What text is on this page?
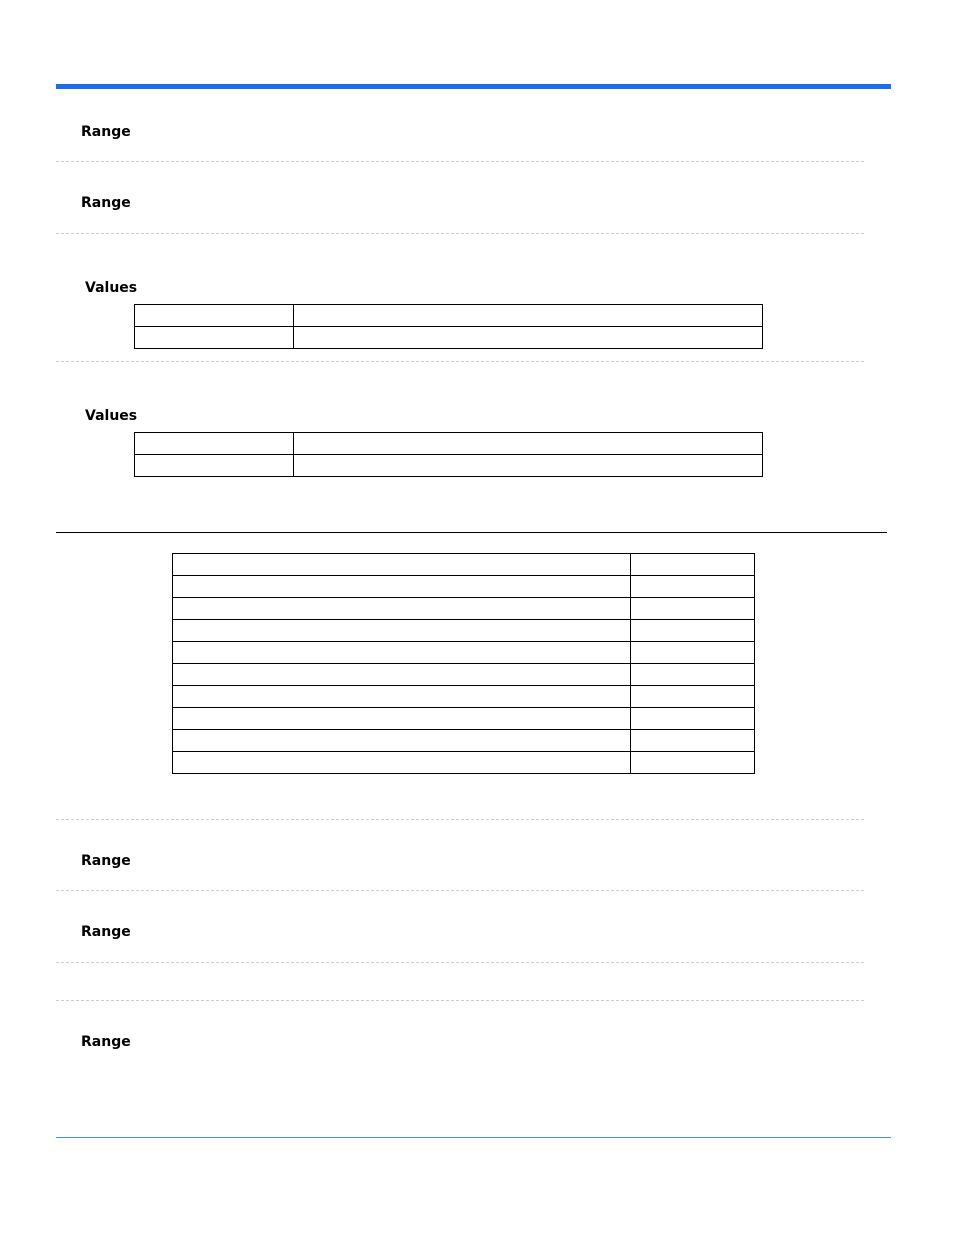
Range
Range
Values

Values

Range
Range
Range
